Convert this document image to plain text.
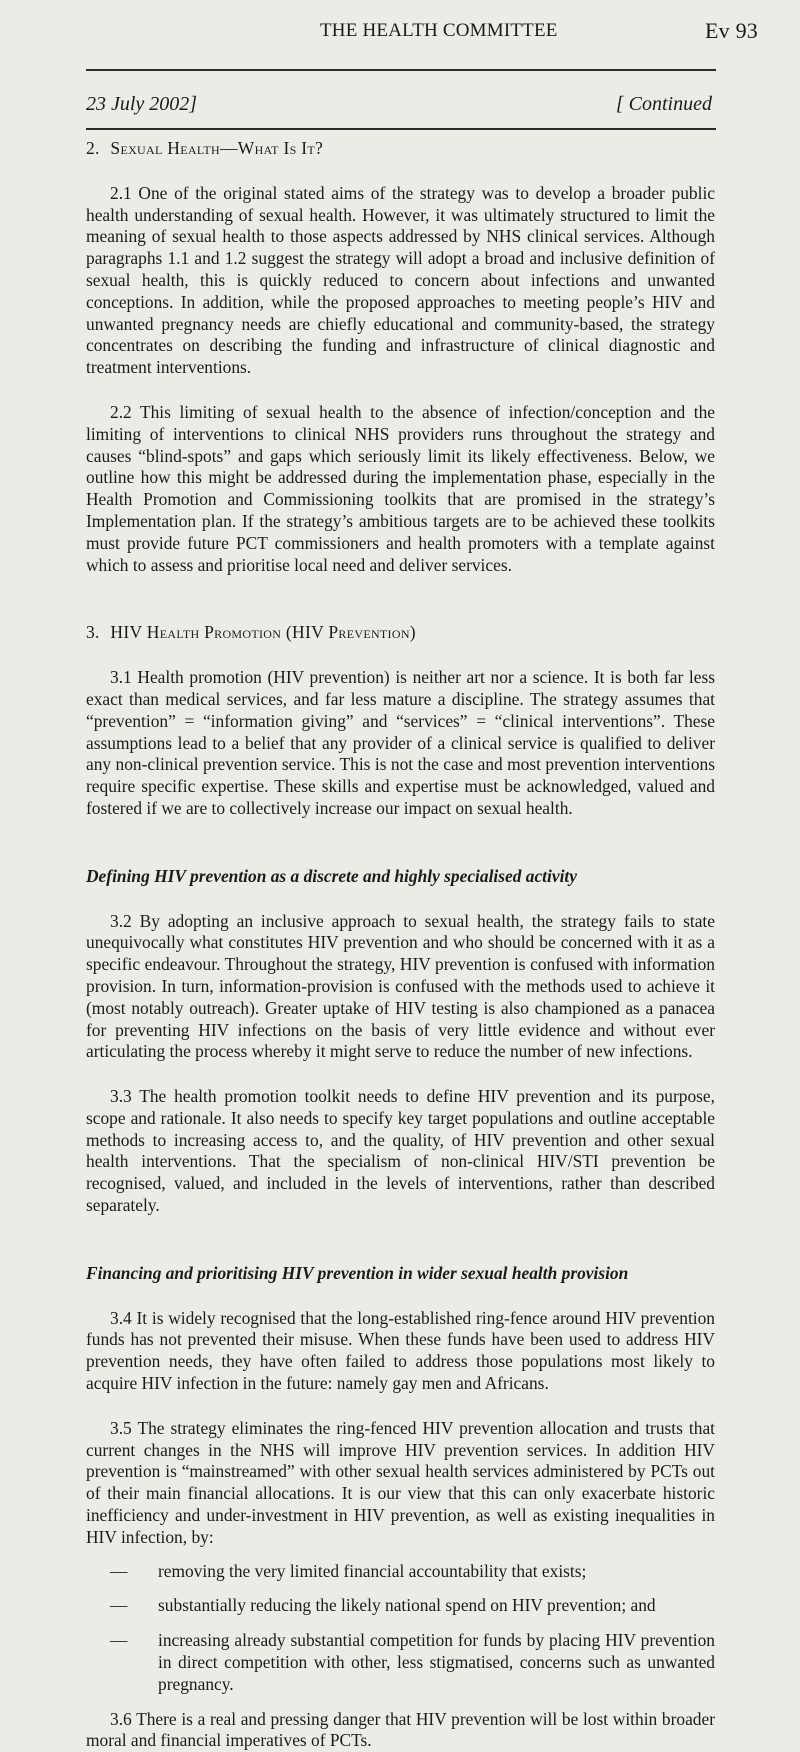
THE HEALTH COMMITTEE	Ev 93
23 July 2002]	[ Continued
2. Sexual Health—What Is It?

2.1 One of the original stated aims of the strategy was to develop a broader public health understanding of sexual health. However, it was ultimately structured to limit the meaning of sexual health to those aspects addressed by NHS clinical services. Although paragraphs 1.1 and 1.2 suggest the strategy will adopt a broad and inclusive definition of sexual health, this is quickly reduced to concern about infections and unwanted conceptions. In addition, while the proposed approaches to meeting people’s HIV and unwanted pregnancy needs are chiefly educational and community-based, the strategy concentrates on describing the funding and infrastructure of clinical diagnostic and treatment interventions.

2.2 This limiting of sexual health to the absence of infection/conception and the limiting of interventions to clinical NHS providers runs throughout the strategy and causes “blind-spots” and gaps which seriously limit its likely effectiveness. Below, we outline how this might be addressed during the implementation phase, especially in the Health Promotion and Commissioning toolkits that are promised in the strategy’s Implementation plan. If the strategy’s ambitious targets are to be achieved these toolkits must provide future PCT commissioners and health promoters with a template against which to assess and prioritise local need and deliver services.

3. HIV Health Promotion (HIV Prevention)

3.1 Health promotion (HIV prevention) is neither art nor a science. It is both far less exact than medical services, and far less mature a discipline. The strategy assumes that “prevention” = “information giving” and “services” = “clinical interventions”. These assumptions lead to a belief that any provider of a clinical service is qualified to deliver any non-clinical prevention service. This is not the case and most prevention interventions require specific expertise. These skills and expertise must be acknowledged, valued and fostered if we are to collectively increase our impact on sexual health.

Defining HIV prevention as a discrete and highly specialised activity

3.2 By adopting an inclusive approach to sexual health, the strategy fails to state unequivocally what constitutes HIV prevention and who should be concerned with it as a specific endeavour. Throughout the strategy, HIV prevention is confused with information provision. In turn, information-provision is confused with the methods used to achieve it (most notably outreach). Greater uptake of HIV testing is also championed as a panacea for preventing HIV infections on the basis of very little evidence and without ever articulating the process whereby it might serve to reduce the number of new infections.

3.3 The health promotion toolkit needs to define HIV prevention and its purpose, scope and rationale. It also needs to specify key target populations and outline acceptable methods to increasing access to, and the quality, of HIV prevention and other sexual health interventions. That the specialism of non-clinical HIV/STI prevention be recognised, valued, and included in the levels of interventions, rather than described separately.

Financing and prioritising HIV prevention in wider sexual health provision

3.4 It is widely recognised that the long-established ring-fence around HIV prevention funds has not prevented their misuse. When these funds have been used to address HIV prevention needs, they have often failed to address those populations most likely to acquire HIV infection in the future: namely gay men and Africans.

3.5 The strategy eliminates the ring-fenced HIV prevention allocation and trusts that current changes in the NHS will improve HIV prevention services. In addition HIV prevention is “mainstreamed” with other sexual health services administered by PCTs out of their main financial allocations. It is our view that this can only exacerbate historic inefficiency and under-investment in HIV prevention, as well as existing inequalities in HIV infection, by:

— removing the very limited financial accountability that exists;
— substantially reducing the likely national spend on HIV prevention; and
— increasing already substantial competition for funds by placing HIV prevention in direct competition with other, less stigmatised, concerns such as unwanted pregnancy.

3.6 There is a real and pressing danger that HIV prevention will be lost within broader moral and financial imperatives of PCTs.
